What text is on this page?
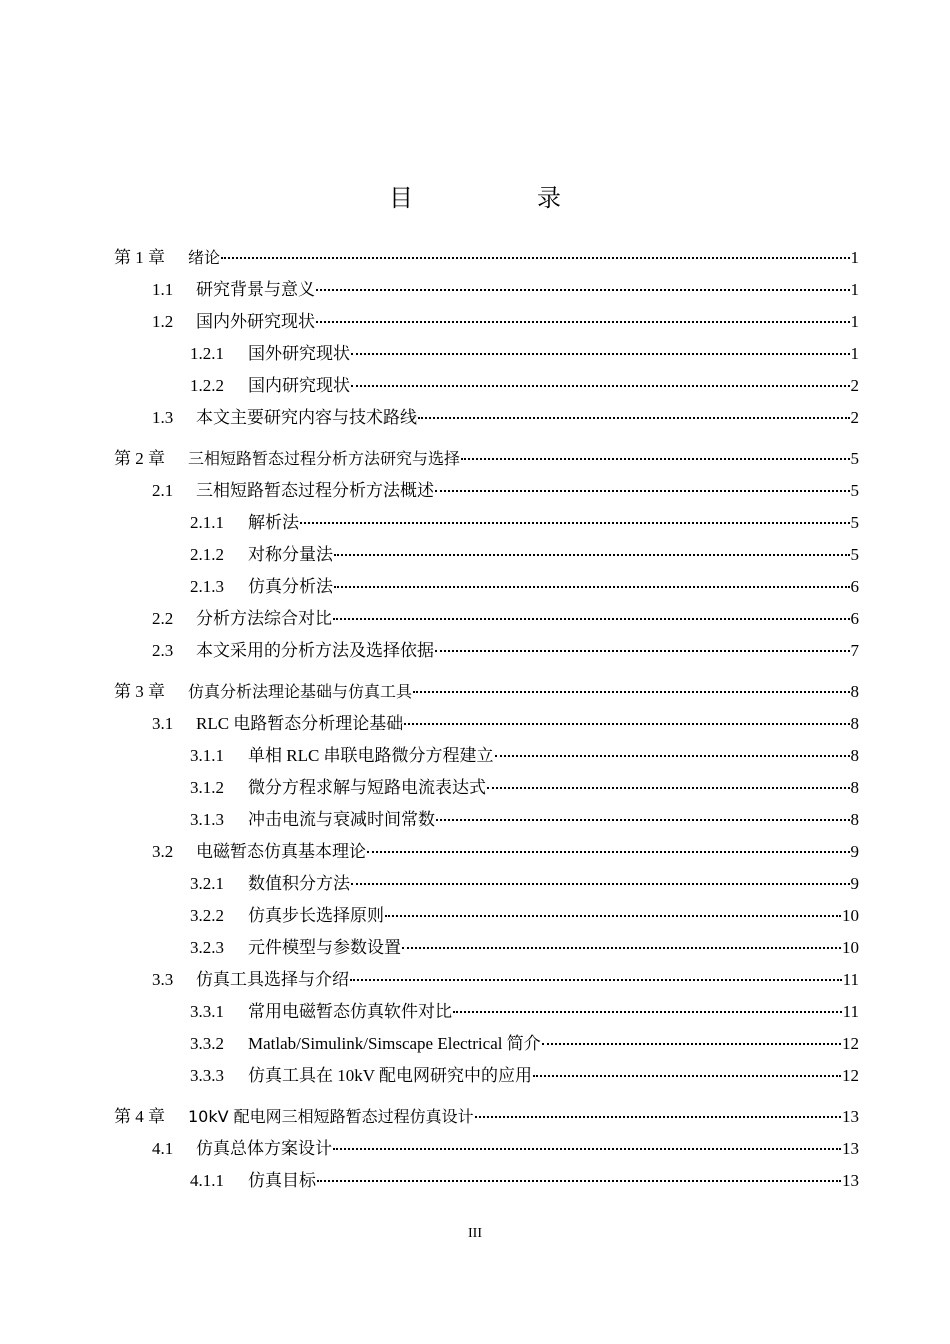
目　录
第 1 章	绪论	1
1.1	研究背景与意义	1
1.2	国内外研究现状	1
1.2.1	国外研究现状	1
1.2.2	国内研究现状	2
1.3	本文主要研究内容与技术路线	2
第 2 章	三相短路暂态过程分析方法研究与选择	5
2.1	三相短路暂态过程分析方法概述	5
2.1.1	解析法	5
2.1.2	对称分量法	5
2.1.3	仿真分析法	6
2.2	分析方法综合对比	6
2.3	本文采用的分析方法及选择依据	7
第 3 章	仿真分析法理论基础与仿真工具	8
3.1	RLC 电路暂态分析理论基础	8
3.1.1	单相 RLC 串联电路微分方程建立	8
3.1.2	微分方程求解与短路电流表达式	8
3.1.3	冲击电流与衰减时间常数	8
3.2	电磁暂态仿真基本理论	9
3.2.1	数值积分方法	9
3.2.2	仿真步长选择原则	10
3.2.3	元件模型与参数设置	10
3.3	仿真工具选择与介绍	11
3.3.1	常用电磁暂态仿真软件对比	11
3.3.2	Matlab/Simulink/Simscape Electrical 简介	12
3.3.3	仿真工具在 10kV 配电网研究中的应用	12
第 4 章	10kV 配电网三相短路暂态过程仿真设计	13
4.1	仿真总体方案设计	13
4.1.1	仿真目标	13
III
